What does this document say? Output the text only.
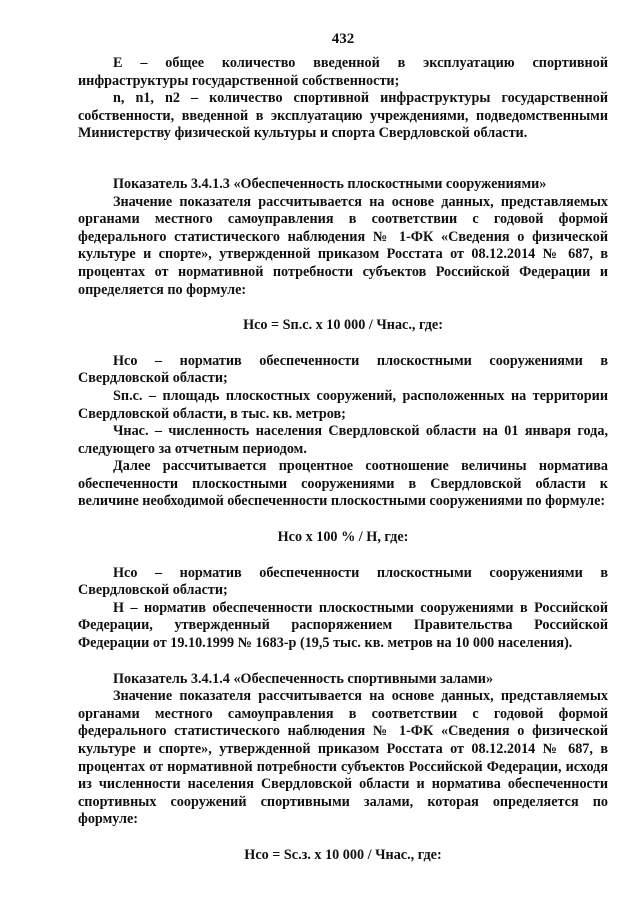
432

Е – общее количество введенной в эксплуатацию спортивной инфраструктуры государственной собственности;

n, n1, n2 – количество спортивной инфраструктуры государственной собственности, введенной в эксплуатацию учреждениями, подведомственными Министерству физической культуры и спорта Свердловской области.

Показатель 3.4.1.3 «Обеспеченность плоскостными сооружениями»

Значение показателя рассчитывается на основе данных, представляемых органами местного самоуправления в соответствии с годовой формой федерального статистического наблюдения № 1-ФК «Сведения о физической культуре и спорте», утвержденной приказом Росстата от 08.12.2014 № 687, в процентах от нормативной потребности субъектов Российской Федерации и определяется по формуле:

Нсо = Sп.с. х 10 000 / Чнас., где:

Нсо – норматив обеспеченности плоскостными сооружениями в Свердловской области;

Sп.с. – площадь плоскостных сооружений, расположенных на территории Свердловской области, в тыс. кв. метров;

Чнас. – численность населения Свердловской области на 01 января года, следующего за отчетным периодом.

Далее рассчитывается процентное соотношение величины норматива обеспеченности плоскостными сооружениями в Свердловской области к величине необходимой обеспеченности плоскостными сооружениями по формуле:

Нсо х 100 % / Н, где:

Нсо – норматив обеспеченности плоскостными сооружениями в Свердловской области;

Н – норматив обеспеченности плоскостными сооружениями в Российской Федерации, утвержденный распоряжением Правительства Российской Федерации от 19.10.1999 № 1683-р (19,5 тыс. кв. метров на 10 000 населения).

Показатель 3.4.1.4 «Обеспеченность спортивными залами»

Значение показателя рассчитывается на основе данных, представляемых органами местного самоуправления в соответствии с годовой формой федерального статистического наблюдения № 1-ФК «Сведения о физической культуре и спорте», утвержденной приказом Росстата от 08.12.2014 № 687, в процентах от нормативной потребности субъектов Российской Федерации, исходя из численности населения Свердловской области и норматива обеспеченности спортивных сооружений спортивными залами, которая определяется по формуле:

Нсо = Sс.з. х 10 000 / Чнас., где:
